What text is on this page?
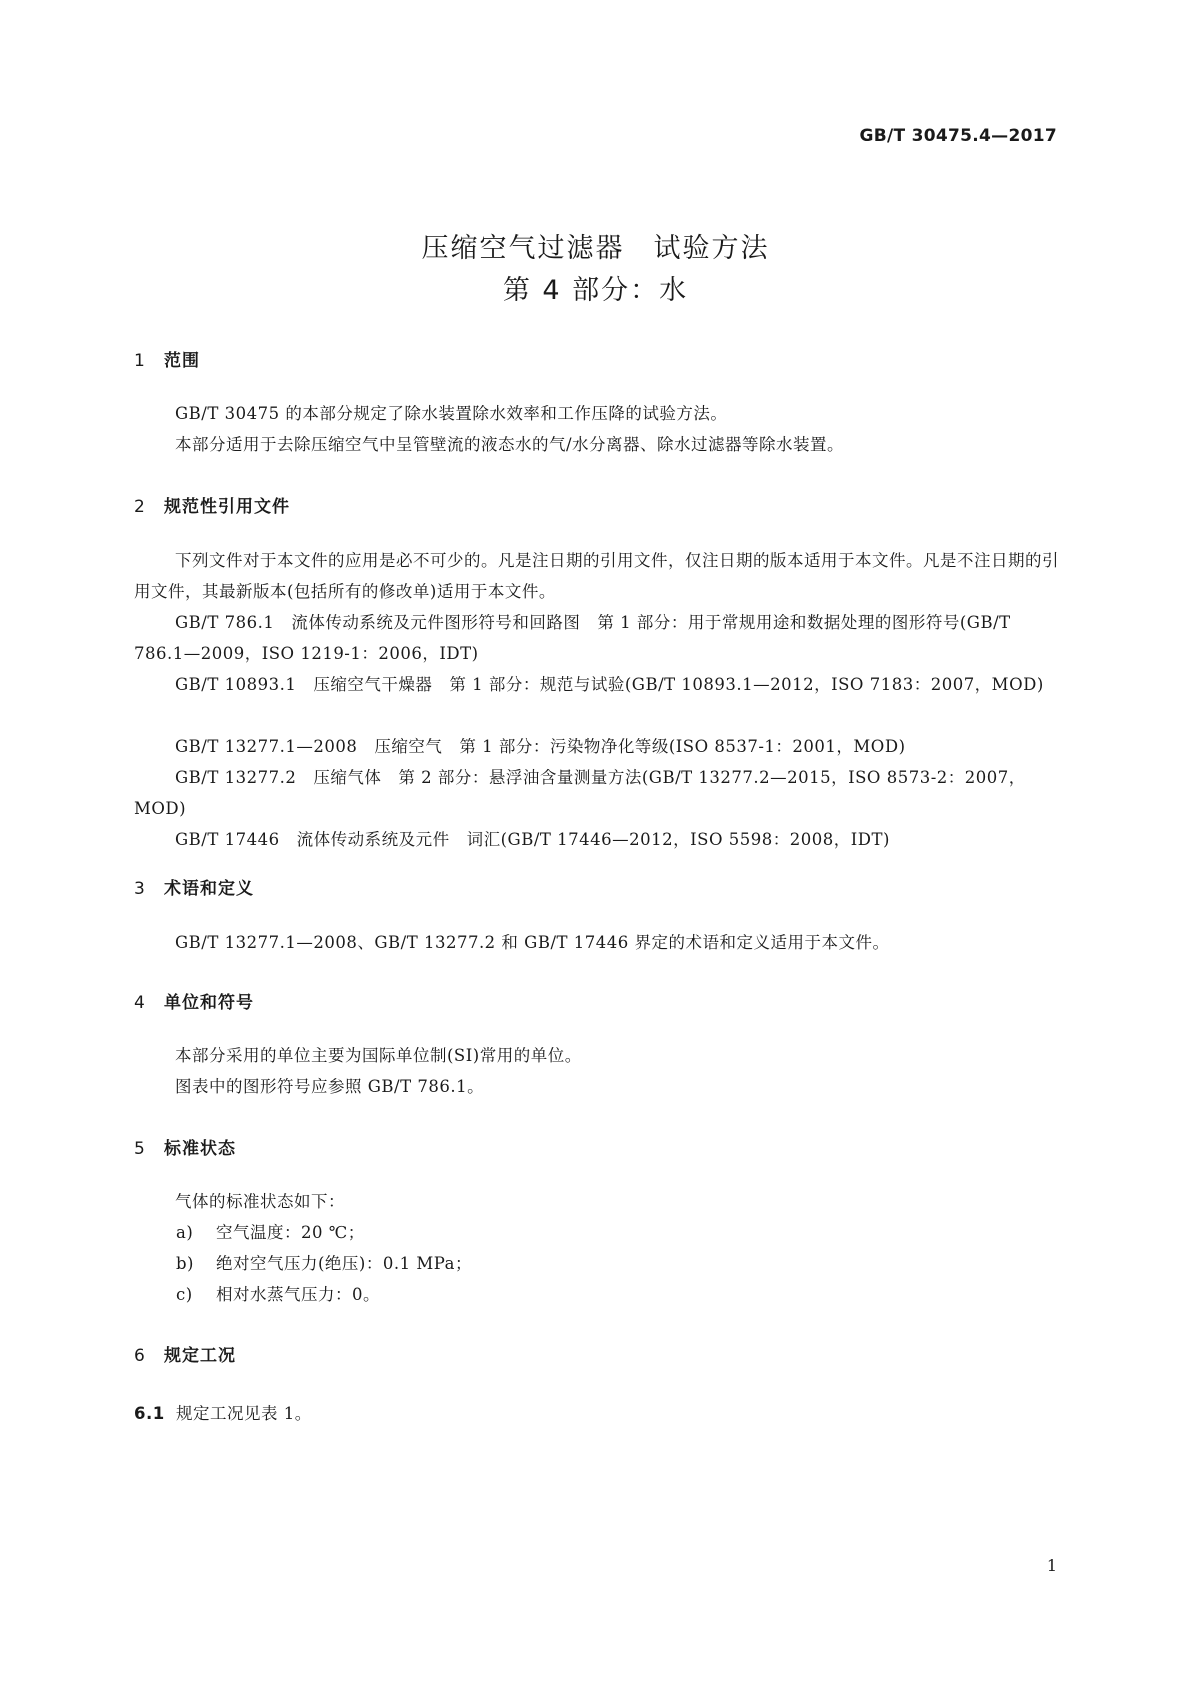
GB/T 30475.4—2017
压缩空气过滤器　试验方法
第 4 部分：水
1 范围
GB/T 30475 的本部分规定了除水装置除水效率和工作压降的试验方法。
本部分适用于去除压缩空气中呈管壁流的液态水的气/水分离器、除水过滤器等除水装置。
2 规范性引用文件
下列文件对于本文件的应用是必不可少的。凡是注日期的引用文件，仅注日期的版本适用于本文件。凡是不注日期的引用文件，其最新版本(包括所有的修改单)适用于本文件。
GB/T 786.1　流体传动系统及元件图形符号和回路图　第 1 部分：用于常规用途和数据处理的图形符号(GB/T 786.1—2009，ISO 1219-1：2006，IDT)
GB/T 10893.1　压缩空气干燥器　第 1 部分：规范与试验(GB/T 10893.1—2012，ISO 7183：2007，MOD)
GB/T 13277.1—2008　压缩空气　第 1 部分：污染物净化等级(ISO 8537-1：2001，MOD)
GB/T 13277.2　压缩气体　第 2 部分：悬浮油含量测量方法(GB/T 13277.2—2015，ISO 8573-2：2007，MOD)
GB/T 17446　流体传动系统及元件　词汇(GB/T 17446—2012，ISO 5598：2008，IDT)
3 术语和定义
GB/T 13277.1—2008、GB/T 13277.2 和 GB/T 17446 界定的术语和定义适用于本文件。
4 单位和符号
本部分采用的单位主要为国际单位制(SI)常用的单位。
图表中的图形符号应参照 GB/T 786.1。
5 标准状态
气体的标准状态如下：
a) 空气温度：20 ℃；
b) 绝对空气压力(绝压)：0.1 MPa；
c) 相对水蒸气压力：0。
6 规定工况
6.1 规定工况见表 1。
1
